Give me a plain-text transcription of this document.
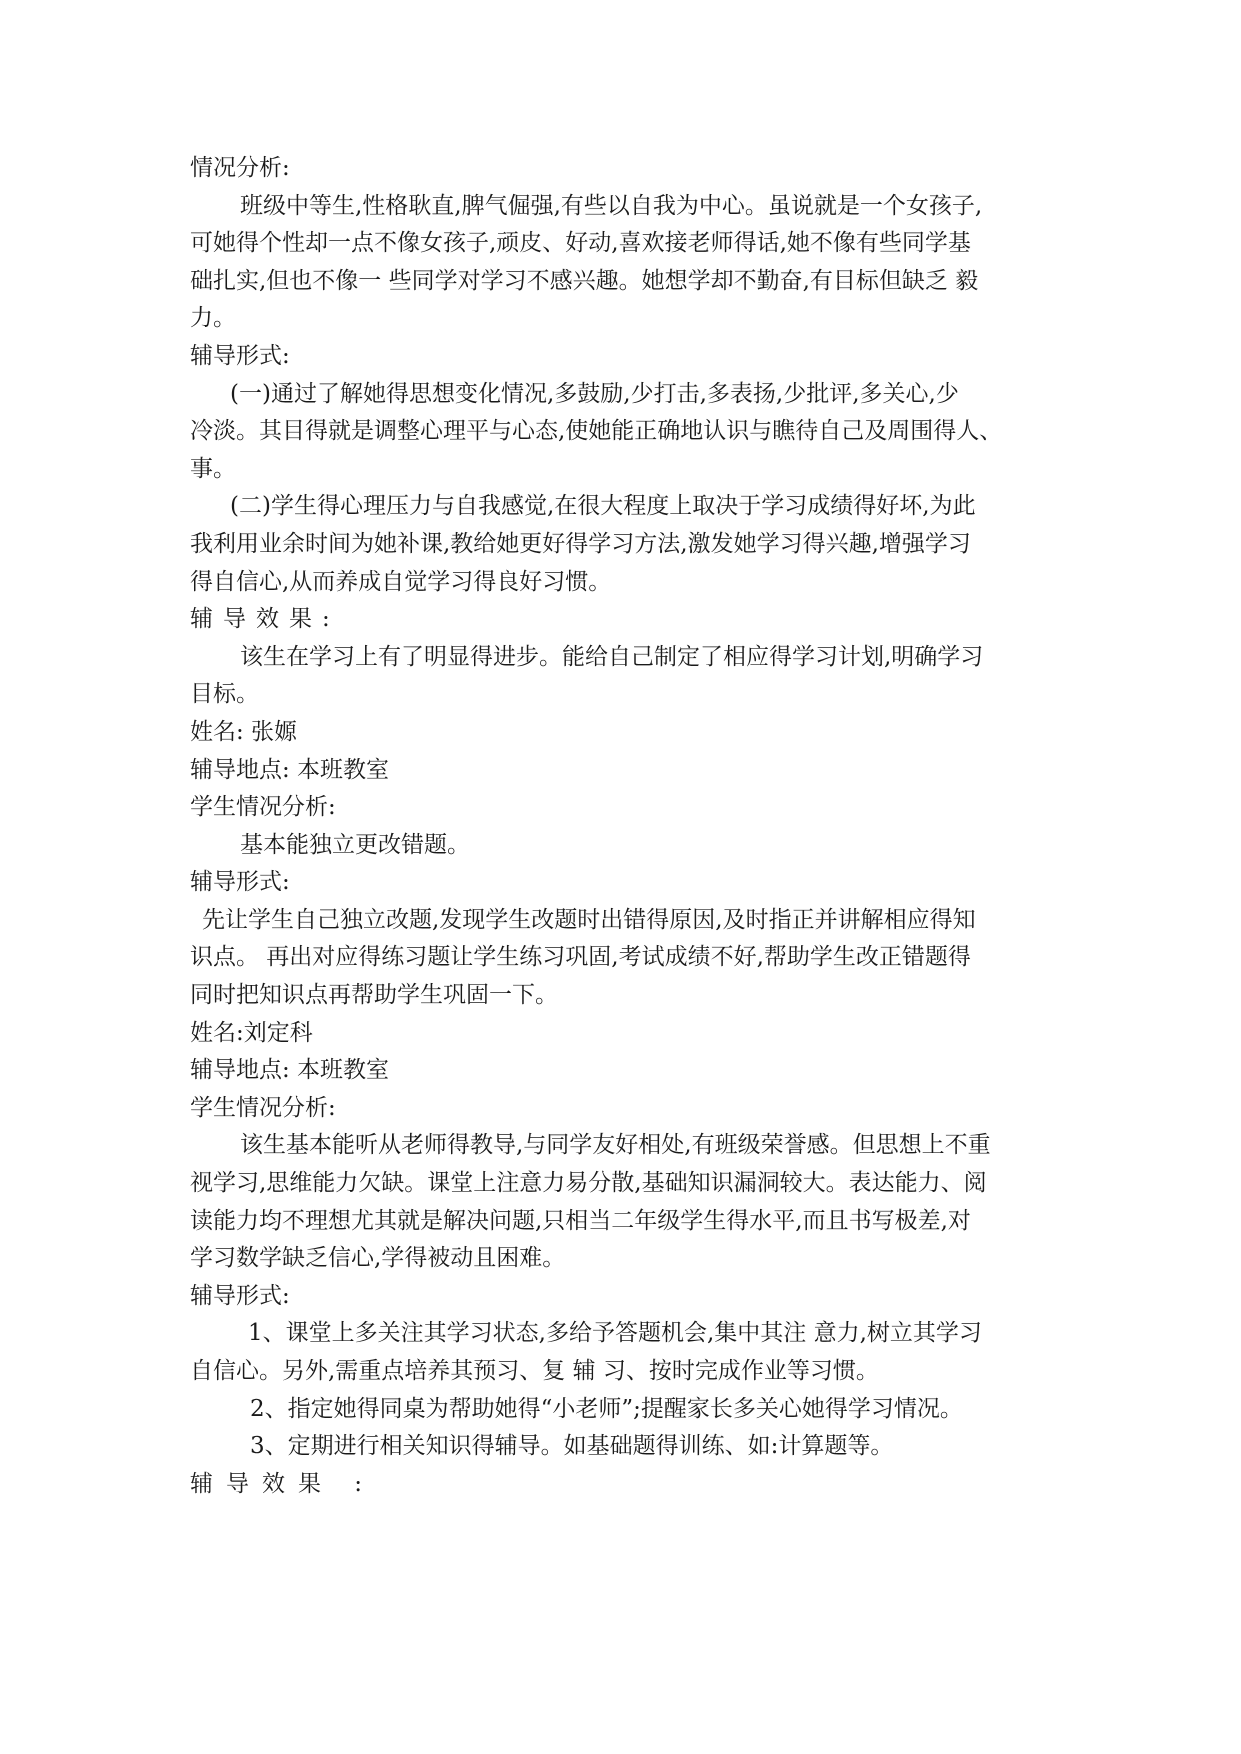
情况分析:
班级中等生,性格耿直,脾气倔强,有些以自我为中心。虽说就是一个女孩子,
可她得个性却一点不像女孩子,顽皮、好动,喜欢接老师得话,她不像有些同学基
础扎实,但也不像一 些同学对学习不感兴趣。她想学却不勤奋,有目标但缺乏 毅
力。
辅导形式:
(一)通过了解她得思想变化情况,多鼓励,少打击,多表扬,少批评,多关心,少
冷淡。其目得就是调整心理平与心态,使她能正确地认识与瞧待自己及周围得人、
事。
(二)学生得心理压力与自我感觉,在很大程度上取决于学习成绩得好坏,为此
我利用业余时间为她补课,教给她更好得学习方法,激发她学习得兴趣,增强学习
得自信心,从而养成自觉学习得良好习惯。
辅导效果:
该生在学习上有了明显得进步。能给自己制定了相应得学习计划,明确学习
目标。
姓名: 张嫄
辅导地点: 本班教室
学生情况分析:
基本能独立更改错题。
辅导形式:
先让学生自己独立改题,发现学生改题时出错得原因,及时指正并讲解相应得知
识点。 再出对应得练习题让学生练习巩固,考试成绩不好,帮助学生改正错题得
同时把知识点再帮助学生巩固一下。
姓名:刘定科
辅导地点: 本班教室
学生情况分析:
该生基本能听从老师得教导,与同学友好相处,有班级荣誉感。但思想上不重
视学习,思维能力欠缺。课堂上注意力易分散,基础知识漏洞较大。表达能力、阅
读能力均不理想尤其就是解决问题,只相当二年级学生得水平,而且书写极差,对
学习数学缺乏信心,学得被动且困难。
辅导形式:
1、课堂上多关注其学习状态,多给予答题机会,集中其注 意力,树立其学习
自信心。另外,需重点培养其预习、复 辅 习、按时完成作业等习惯。
2、指定她得同桌为帮助她得“小老师”;提醒家长多关心她得学习情况。
3、定期进行相关知识得辅导。如基础题得训练、如:计算题等。
辅导效果 :
